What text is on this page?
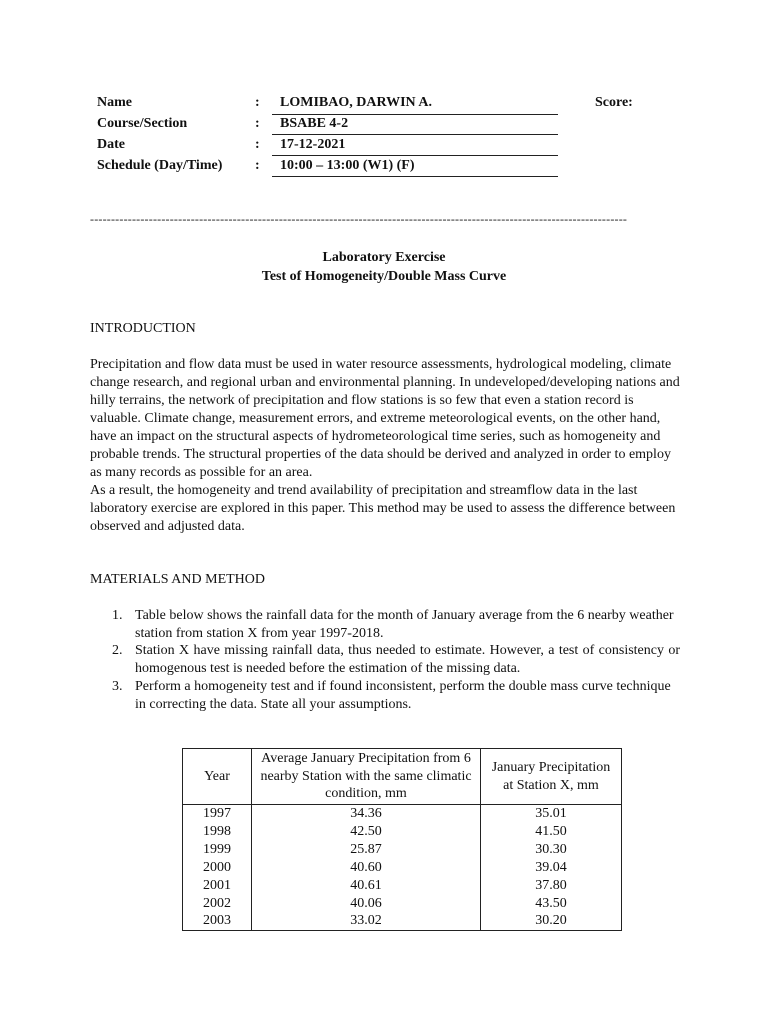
Name	: LOMIBAO, DARWIN A.	Score:
Course/Section	: BSABE 4-2
Date	: 17-12-2021
Schedule (Day/Time) : 10:00 – 13:00 (W1) (F)
--------------------------------------------------------------------------------------------------------------------------------
Laboratory Exercise
Test of Homogeneity/Double Mass Curve
INTRODUCTION

Precipitation and flow data must be used in water resource assessments, hydrological modeling, climate change research, and regional urban and environmental planning. In undeveloped/developing nations and hilly terrains, the network of precipitation and flow stations is so few that even a station record is valuable. Climate change, measurement errors, and extreme meteorological events, on the other hand, have an impact on the structural aspects of hydrometeorological time series, such as homogeneity and probable trends. The structural properties of the data should be derived and analyzed in order to employ as many records as possible for an area.

As a result, the homogeneity and trend availability of precipitation and streamflow data in the last laboratory exercise are explored in this paper. This method may be used to assess the difference between observed and adjusted data.

MATERIALS AND METHOD
1. Table below shows the rainfall data for the month of January average from the 6 nearby weather station from station X from year 1997-2018.
2. Station X have missing rainfall data, thus needed to estimate. However, a test of consistency or homogenous test is needed before the estimation of the missing data.
3. Perform a homogeneity test and if found inconsistent, perform the double mass curve technique in correcting the data. State all your assumptions.
Year	Average January Precipitation from 6 nearby Station with the same climatic condition, mm	January Precipitation at Station X, mm
1997	34.36	35.01
1998	42.50	41.50
1999	25.87	30.30
2000	40.60	39.04
2001	40.61	37.80
2002	40.06	43.50
2003	33.02	30.20
